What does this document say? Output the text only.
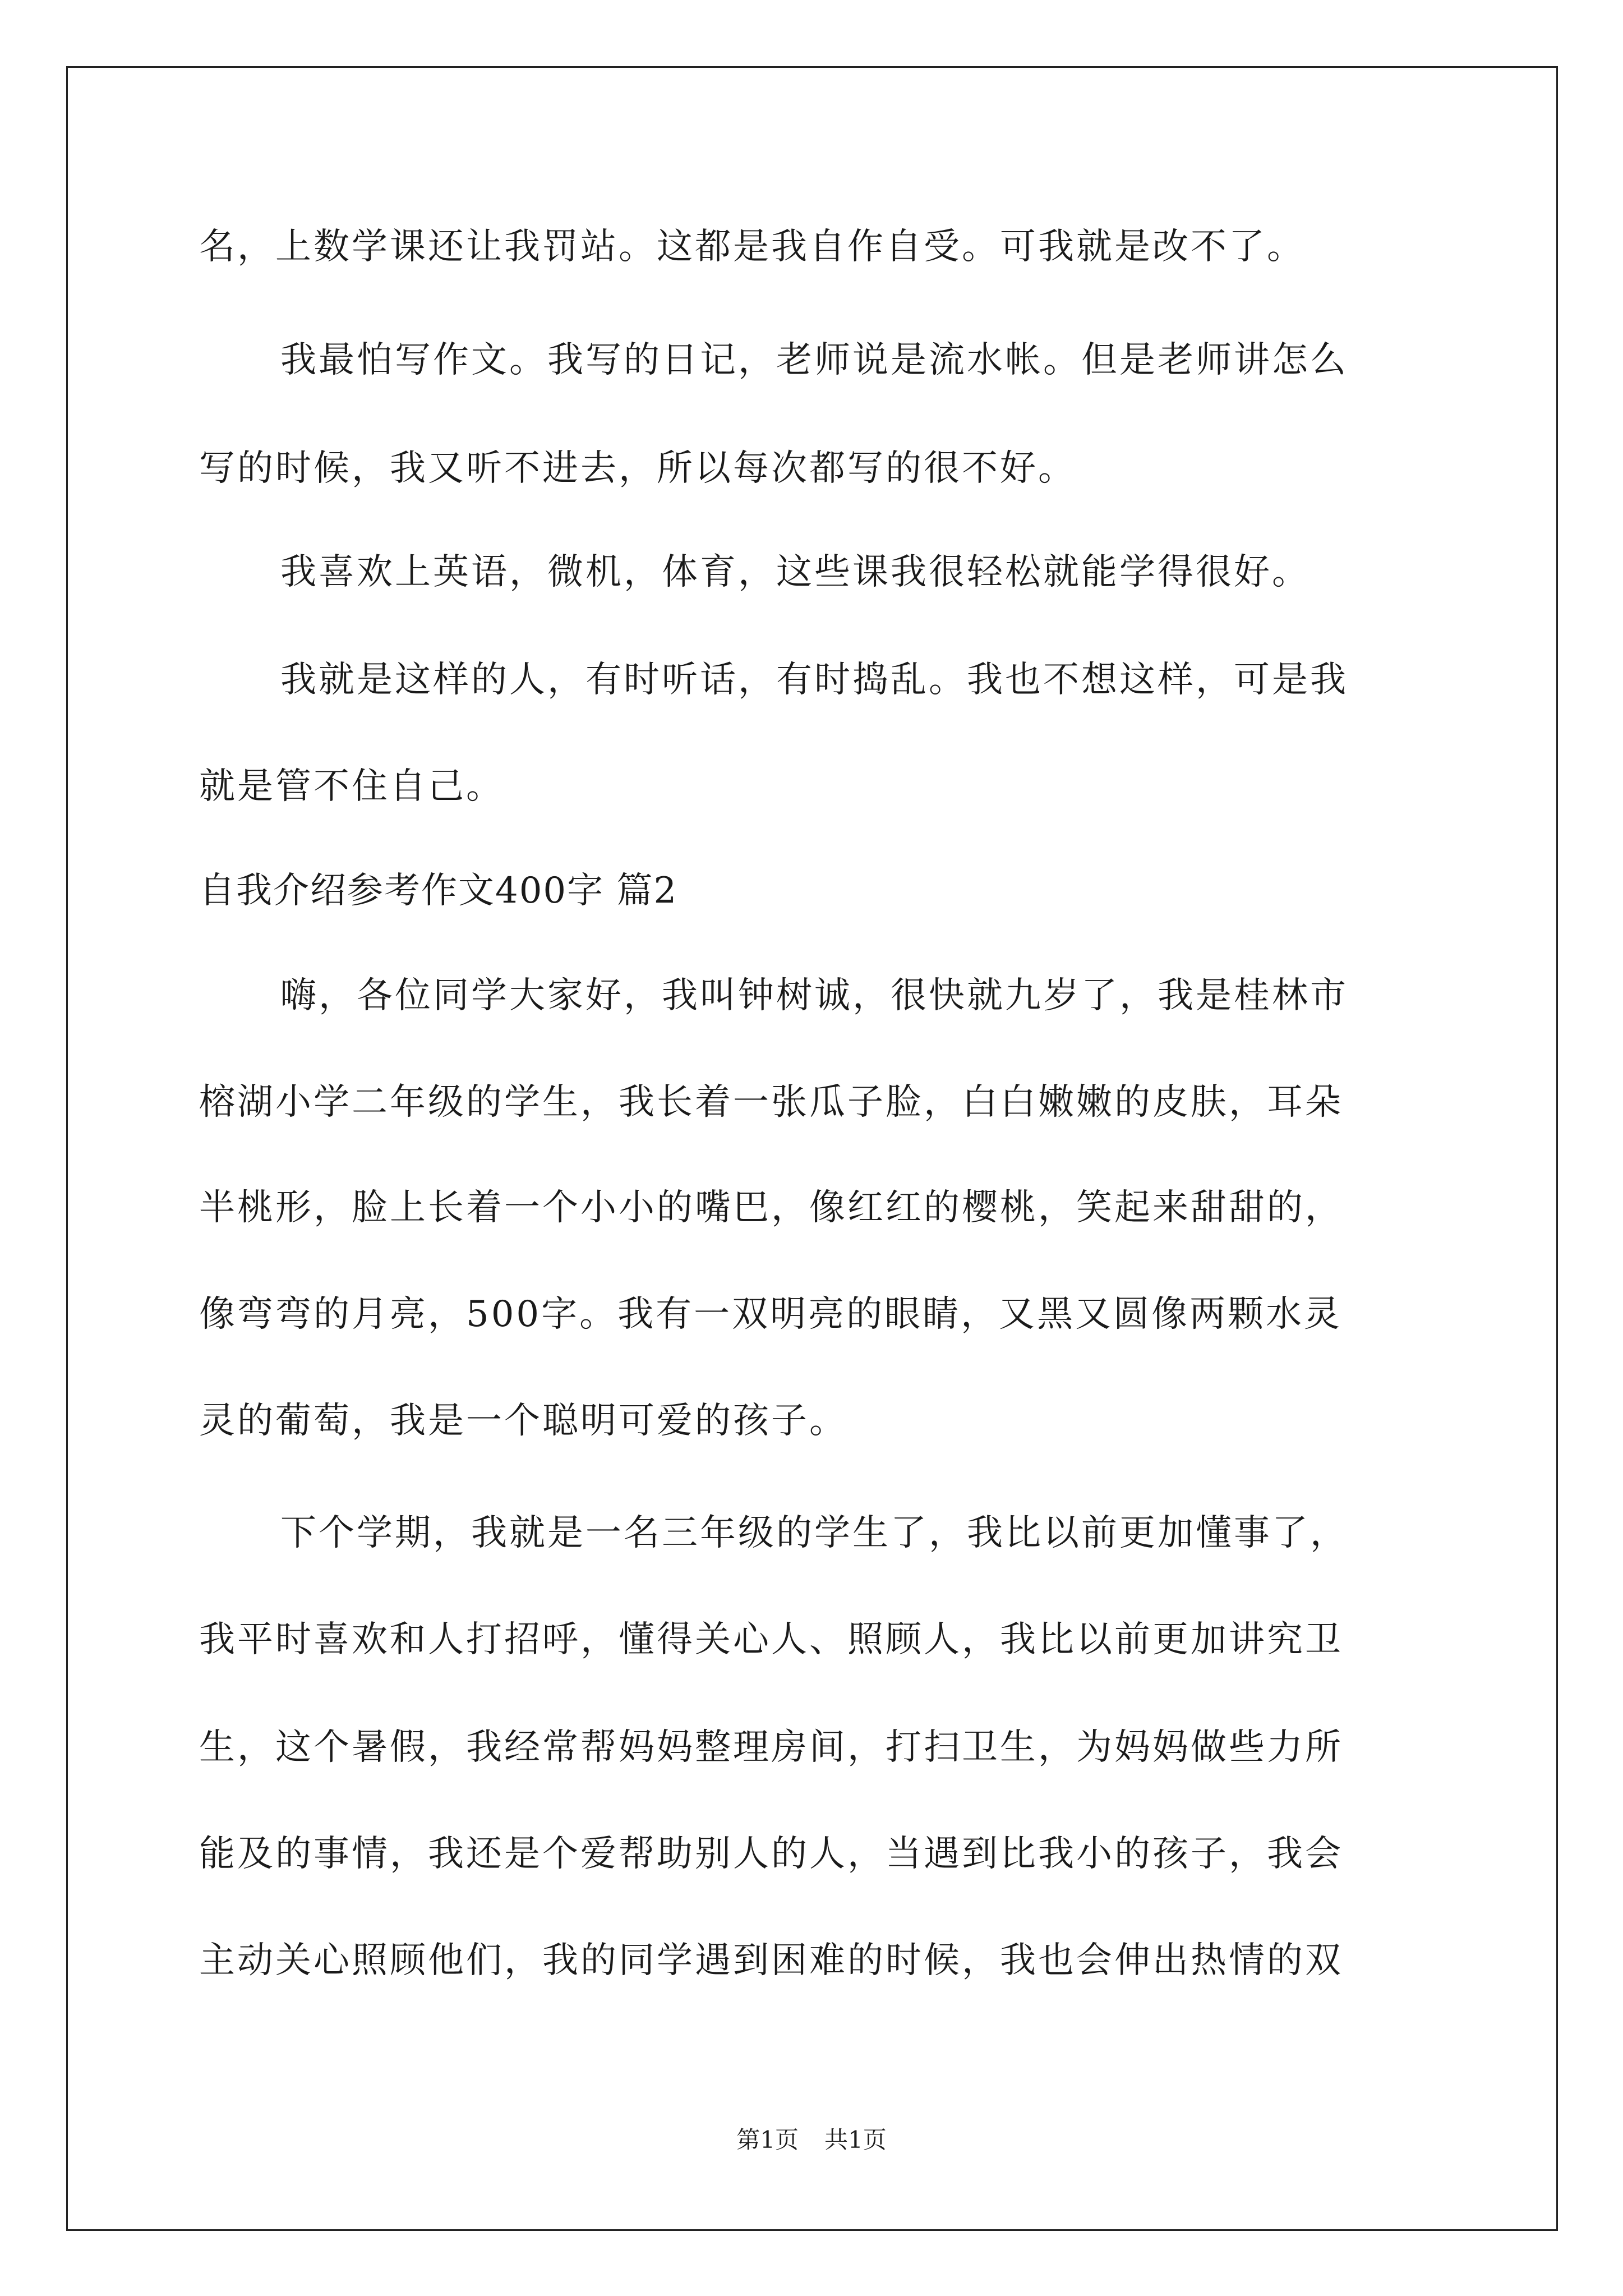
名，上数学课还让我罚站。这都是我自作自受。可我就是改不了。
我最怕写作文。我写的日记，老师说是流水帐。但是老师讲怎么
写的时候，我又听不进去，所以每次都写的很不好。
我喜欢上英语，微机，体育，这些课我很轻松就能学得很好。
我就是这样的人，有时听话，有时捣乱。我也不想这样，可是我
就是管不住自己。
自我介绍参考作文400字 篇2
嗨，各位同学大家好，我叫钟树诚，很快就九岁了，我是桂林市
榕湖小学二年级的学生，我长着一张瓜子脸，白白嫩嫩的皮肤，耳朵
半桃形，脸上长着一个小小的嘴巴，像红红的樱桃，笑起来甜甜的，
像弯弯的月亮，500字。我有一双明亮的眼睛，又黑又圆像两颗水灵
灵的葡萄，我是一个聪明可爱的孩子。
下个学期，我就是一名三年级的学生了，我比以前更加懂事了，
我平时喜欢和人打招呼，懂得关心人、照顾人，我比以前更加讲究卫
生，这个暑假，我经常帮妈妈整理房间，打扫卫生，为妈妈做些力所
能及的事情，我还是个爱帮助别人的人，当遇到比我小的孩子，我会
主动关心照顾他们，我的同学遇到困难的时候，我也会伸出热情的双
第1页 共1页
